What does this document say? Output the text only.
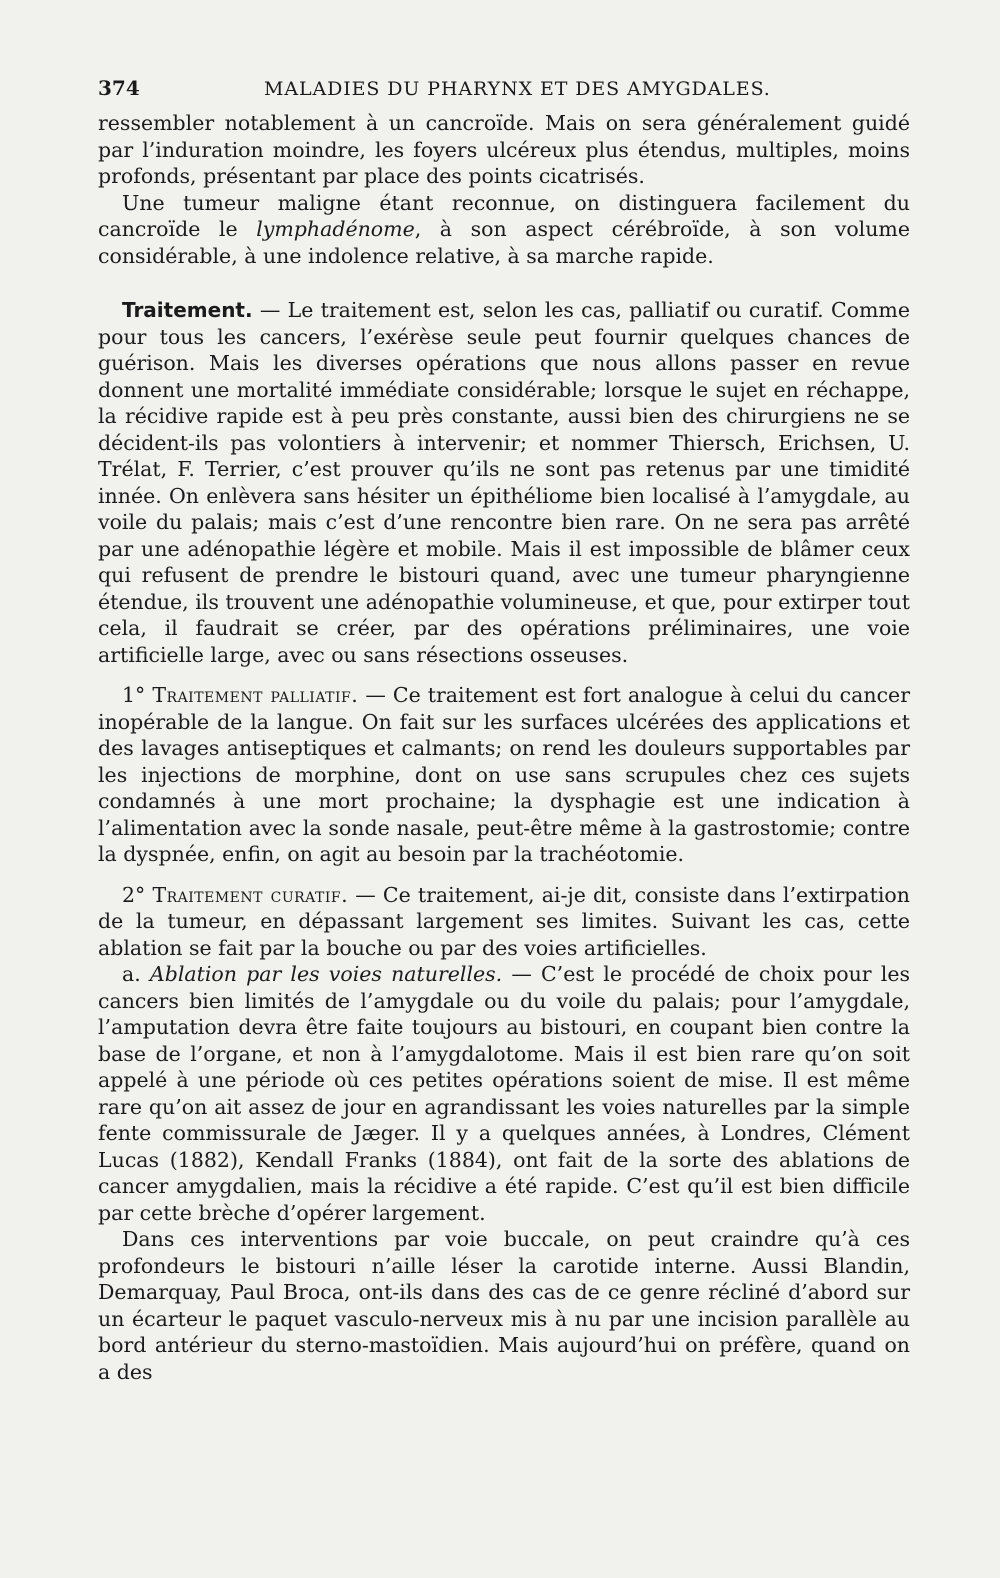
374	MALADIES DU PHARYNX ET DES AMYGDALES.

ressembler notablement à un cancroïde. Mais on sera généralement guidé par l’induration moindre, les foyers ulcéreux plus étendus, multiples, moins profonds, présentant par place des points cicatrisés.

Une tumeur maligne étant reconnue, on distinguera facilement du cancroïde le lymphadénome, à son aspect cérébroïde, à son volume considérable, à une indolence relative, à sa marche rapide.

Traitement. — Le traitement est, selon les cas, palliatif ou curatif. Comme pour tous les cancers, l’exérèse seule peut fournir quelques chances de guérison. Mais les diverses opérations que nous allons passer en revue donnent une mortalité immédiate considérable; lorsque le sujet en réchappe, la récidive rapide est à peu près constante, aussi bien des chirurgiens ne se décident-ils pas volontiers à intervenir; et nommer Thiersch, Erichsen, U. Trélat, F. Terrier, c’est prouver qu’ils ne sont pas retenus par une timidité innée. On enlèvera sans hésiter un épithéliome bien localisé à l’amygdale, au voile du palais; mais c’est d’une rencontre bien rare. On ne sera pas arrêté par une adénopathie légère et mobile. Mais il est impossible de blâmer ceux qui refusent de prendre le bistouri quand, avec une tumeur pharyngienne étendue, ils trouvent une adénopathie volumineuse, et que, pour extirper tout cela, il faudrait se créer, par des opérations préliminaires, une voie artificielle large, avec ou sans résections osseuses.

1° Traitement palliatif. — Ce traitement est fort analogue à celui du cancer inopérable de la langue. On fait sur les surfaces ulcérées des applications et des lavages antiseptiques et calmants; on rend les douleurs supportables par les injections de morphine, dont on use sans scrupules chez ces sujets condamnés à une mort prochaine; la dysphagie est une indication à l’alimentation avec la sonde nasale, peut-être même à la gastrostomie; contre la dyspnée, enfin, on agit au besoin par la trachéotomie.

2° Traitement curatif. — Ce traitement, ai-je dit, consiste dans l’extirpation de la tumeur, en dépassant largement ses limites. Suivant les cas, cette ablation se fait par la bouche ou par des voies artificielles.

a. Ablation par les voies naturelles. — C’est le procédé de choix pour les cancers bien limités de l’amygdale ou du voile du palais; pour l’amygdale, l’amputation devra être faite toujours au bistouri, en coupant bien contre la base de l’organe, et non à l’amygdalotome. Mais il est bien rare qu’on soit appelé à une période où ces petites opérations soient de mise. Il est même rare qu’on ait assez de jour en agrandissant les voies naturelles par la simple fente commissurale de Jæger. Il y a quelques années, à Londres, Clément Lucas (1882), Kendall Franks (1884), ont fait de la sorte des ablations de cancer amygdalien, mais la récidive a été rapide. C’est qu’il est bien difficile par cette brèche d’opérer largement.

Dans ces interventions par voie buccale, on peut craindre qu’à ces profondeurs le bistouri n’aille léser la carotide interne. Aussi Blandin, Demarquay, Paul Broca, ont-ils dans des cas de ce genre récliné d’abord sur un écarteur le paquet vasculo-nerveux mis à nu par une incision parallèle au bord antérieur du sterno-mastoïdien. Mais aujourd’hui on préfère, quand on a des
